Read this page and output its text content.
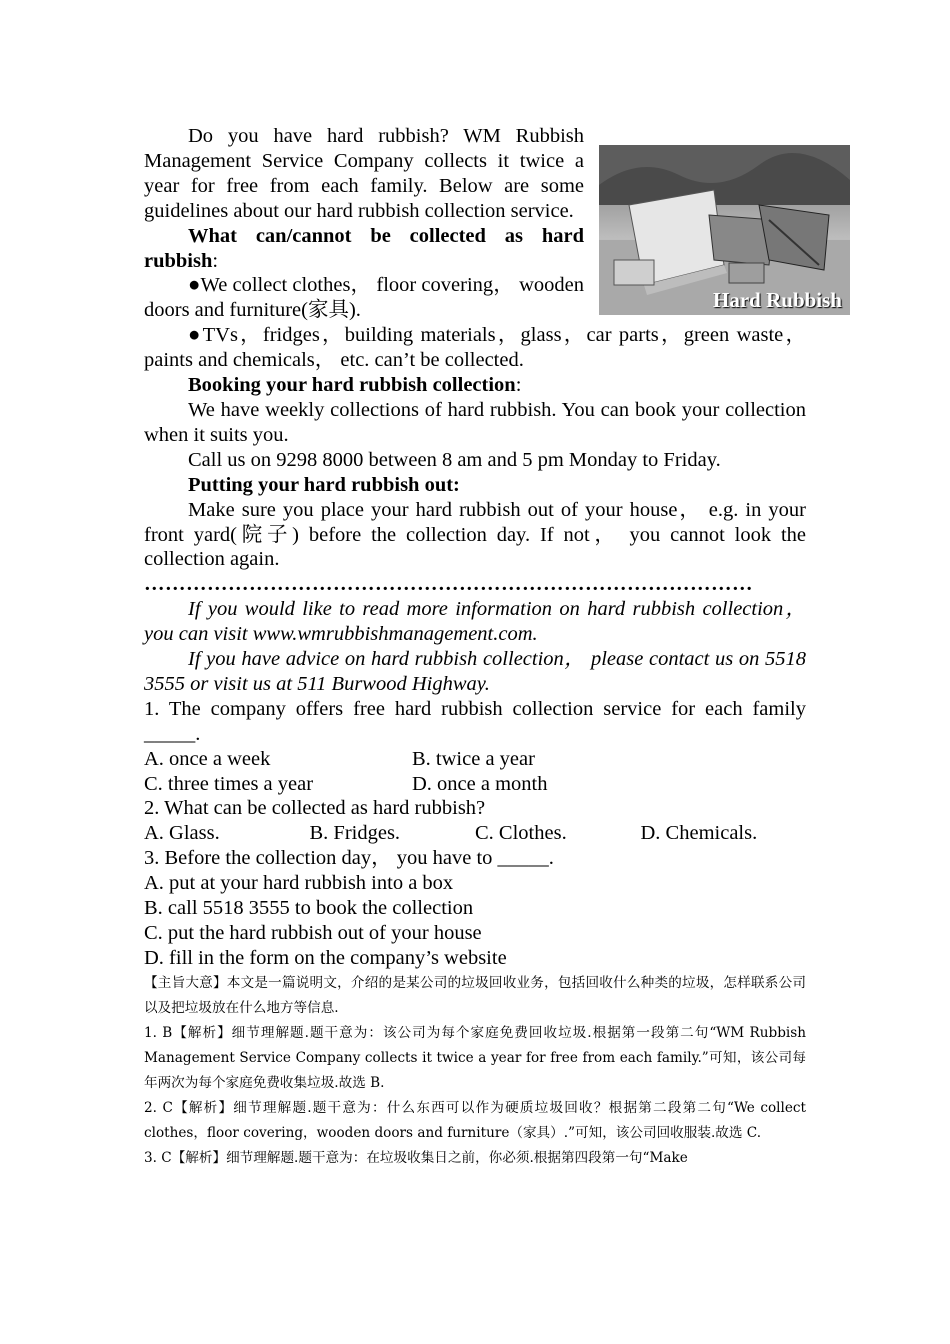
Do you have hard rubbish? WM Rubbish Management Service Company collects it twice a year for free from each family. Below are some guidelines about our hard rubbish collection service.

What can/cannot be collected as hard rubbish:

Hard Rubbish

●We collect clothes， floor covering， wooden doors and furniture(家具).

●TVs，fridges，building materials，glass，car parts，green waste，paints and chemicals， etc. can’t be collected.

Booking your hard rubbish collection:

We have weekly collections of hard rubbish. You can book your collection when it suits you.

Call us on 9298 8000 between 8 am and 5 pm Monday to Friday.

Putting your hard rubbish out:

Make sure you place your hard rubbish out of your house， e.g. in your front yard(院子) before the collection day. If not， you cannot look the collection again.

……………………………………………………………………………

If you would like to read more information on hard rubbish collection， you can visit www.wmrubbishmanagement.com.

If you have advice on hard rubbish collection， please contact us on 5518 3555 or visit us at 511 Burwood Highway.

1. The company offers free hard rubbish collection service for each family _____.

A. once a week	B. twice a year
C. three times a year	D. once a month

2. What can be collected as hard rubbish?

A. Glass.	B. Fridges.	C. Clothes.	D. Chemicals.

3. Before the collection day， you have to _____.

A. put at your hard rubbish into a box

B. call 5518 3555 to book the collection

C. put the hard rubbish out of your house

D. fill in the form on the company’s website

【主旨大意】本文是一篇说明文，介绍的是某公司的垃圾回收业务，包括回收什么种类的垃圾，怎样联系公司以及把垃圾放在什么地方等信息.

1. B【解析】细节理解题.题干意为：该公司为每个家庭免费回收垃圾.根据第一段第二句“WM Rubbish Management Service Company collects it twice a year for free from each family.”可知，该公司每年两次为每个家庭免费收集垃圾.故选 B.

2. C【解析】细节理解题.题干意为：什么东西可以作为硬质垃圾回收？根据第二段第二句“We collect clothes，floor covering，wooden doors and furniture（家具）.”可知，该公司回收服装.故选 C.

3. C【解析】细节理解题.题干意为：在垃圾收集日之前，你必须.根据第四段第一句“Make
